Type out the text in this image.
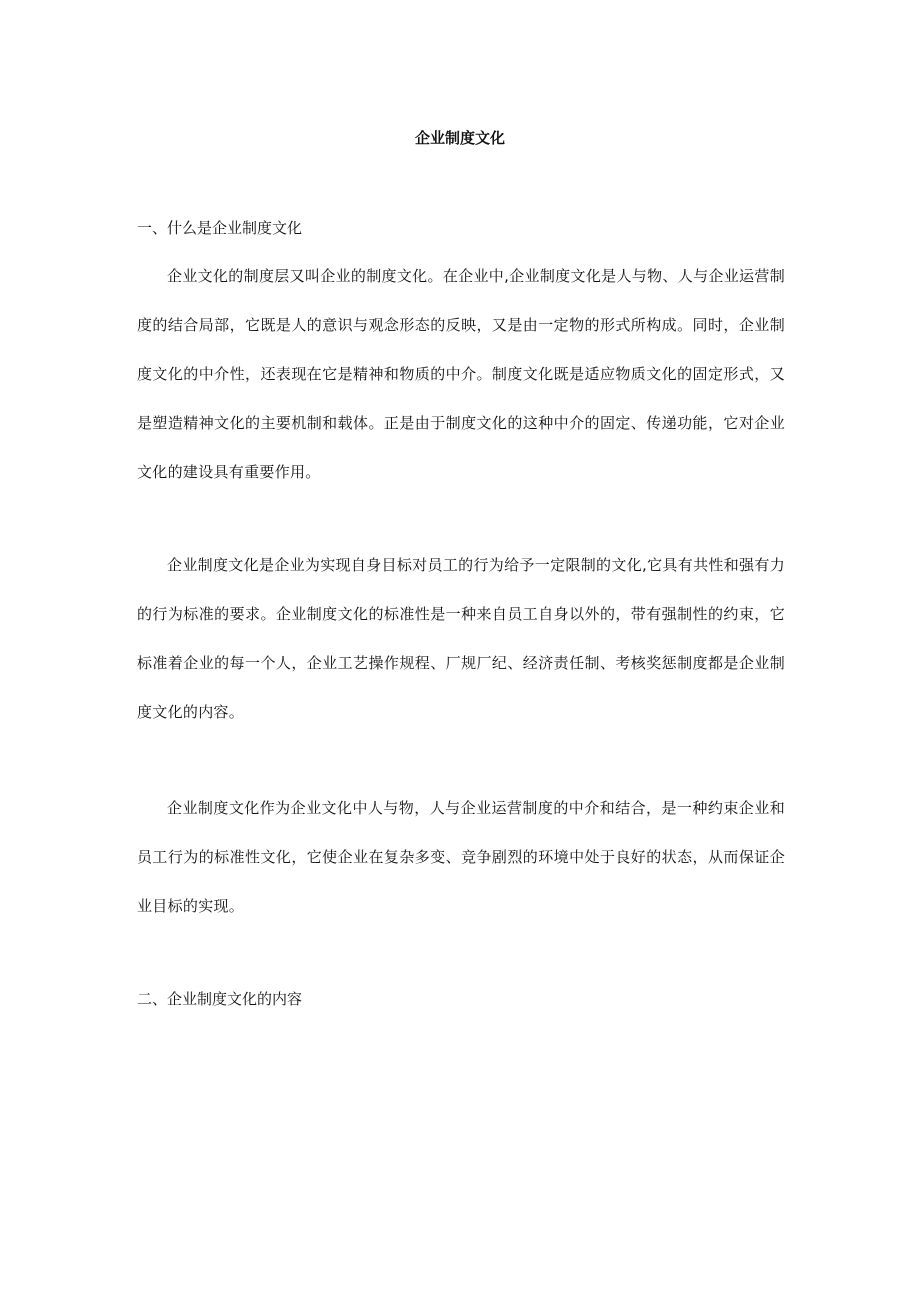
企业制度文化
一、什么是企业制度文化

企业文化的制度层又叫企业的制度文化。在企业中,企业制度文化是人与物、人与企业运营制度的结合局部，它既是人的意识与观念形态的反映，又是由一定物的形式所构成。同时，企业制度文化的中介性，还表现在它是精神和物质的中介。制度文化既是适应物质文化的固定形式，又是塑造精神文化的主要机制和载体。正是由于制度文化的这种中介的固定、传递功能，它对企业文化的建设具有重要作用。

企业制度文化是企业为实现自身目标对员工的行为给予一定限制的文化,它具有共性和强有力的行为标准的要求。企业制度文化的标准性是一种来自员工自身以外的，带有强制性的约束，它标准着企业的每一个人，企业工艺操作规程、厂规厂纪、经济责任制、考核奖惩制度都是企业制度文化的内容。

企业制度文化作为企业文化中人与物，人与企业运营制度的中介和结合，是一种约束企业和员工行为的标准性文化，它使企业在复杂多变、竞争剧烈的环境中处于良好的状态，从而保证企业目标的实现。

二、企业制度文化的内容
